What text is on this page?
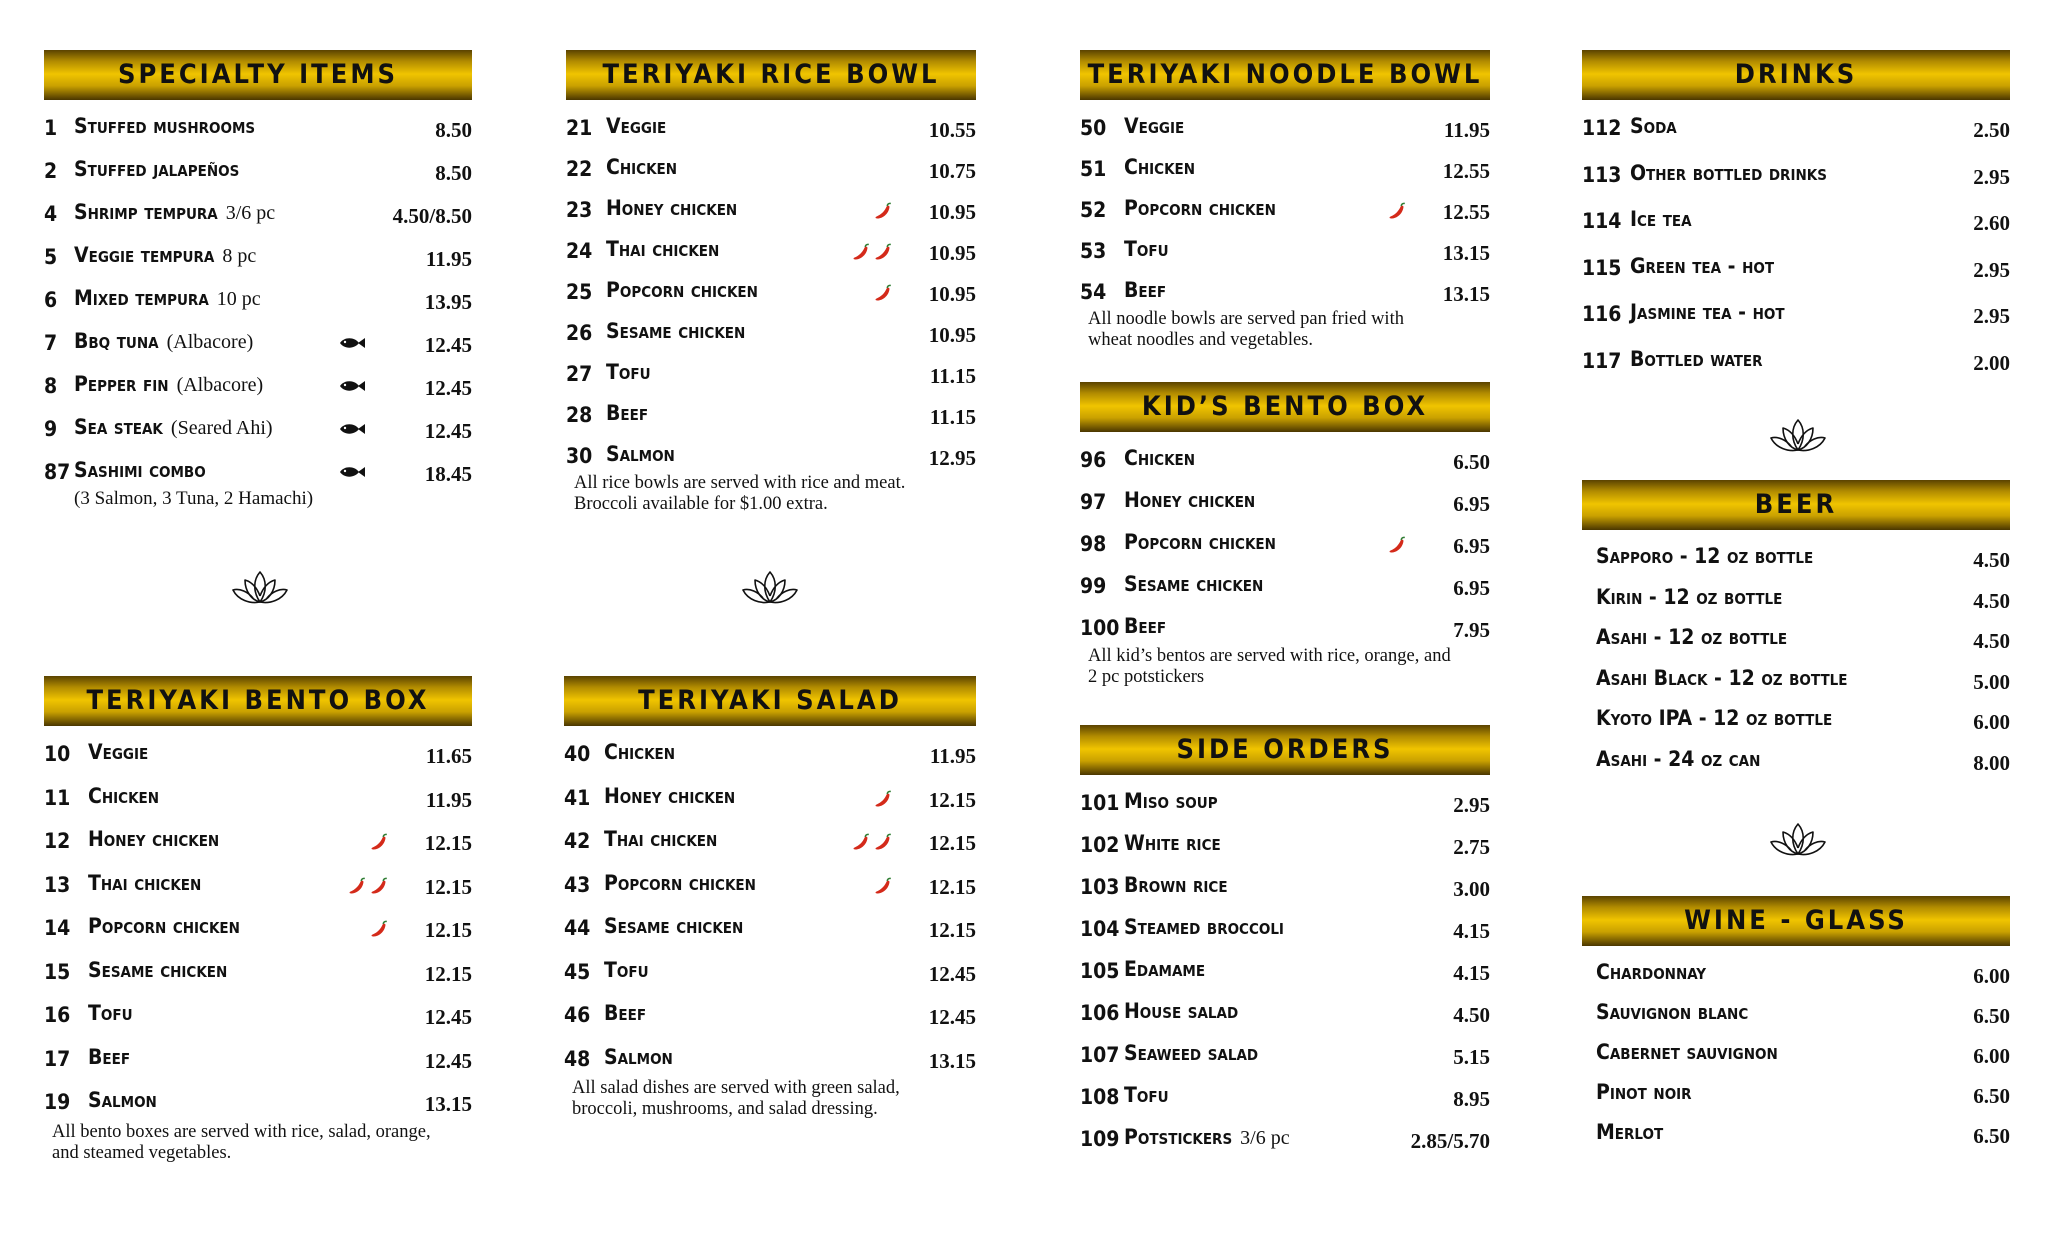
SPECIALTY ITEMS
1 Stuffed mushrooms	8.50
2 Stuffed jalapeños	8.50
4 Shrimp tempura 3/6 pc	4.50/8.50
5 Veggie tempura 8 pc	11.95
6 Mixed tempura 10 pc	13.95
7 Bbq tuna (Albacore)	12.45
8 Pepper fin (Albacore)	12.45
9 Sea steak (Seared Ahi)	12.45
87 Sashimi combo	18.45
(3 Salmon, 3 Tuna, 2 Hamachi)
TERIYAKI RICE BOWL
21 Veggie	10.55
22 Chicken	10.75
23 Honey chicken	10.95
24 Thai chicken	10.95
25 Popcorn chicken	10.95
26 Sesame chicken	10.95
27 Tofu	11.15
28 Beef	11.15
30 Salmon	12.95
All rice bowls are served with rice and meat.
Broccoli available for $1.00 extra.
TERIYAKI NOODLE BOWL
50 Veggie	11.95
51 Chicken	12.55
52 Popcorn chicken	12.55
53 Tofu	13.15
54 Beef	13.15
All noodle bowls are served pan fried with
wheat noodles and vegetables.
KID’S BENTO BOX
96 Chicken	6.50
97 Honey chicken	6.95
98 Popcorn chicken	6.95
99 Sesame chicken	6.95
100 Beef	7.95
All kid’s bentos are served with rice, orange, and
2 pc potstickers
SIDE ORDERS
101 Miso soup	2.95
102 White rice	2.75
103 Brown rice	3.00
104 Steamed broccoli	4.15
105 Edamame	4.15
106 House salad	4.50
107 Seaweed salad	5.15
108 Tofu	8.95
109 Potstickers 3/6 pc	2.85/5.70
TERIYAKI BENTO BOX
10 Veggie	11.65
11 Chicken	11.95
12 Honey chicken	12.15
13 Thai chicken	12.15
14 Popcorn chicken	12.15
15 Sesame chicken	12.15
16 Tofu	12.45
17 Beef	12.45
19 Salmon	13.15
All bento boxes are served with rice, salad, orange,
and steamed vegetables.
TERIYAKI SALAD
40 Chicken	11.95
41 Honey chicken	12.15
42 Thai chicken	12.15
43 Popcorn chicken	12.15
44 Sesame chicken	12.15
45 Tofu	12.45
46 Beef	12.45
48 Salmon	13.15
All salad dishes are served with green salad,
broccoli, mushrooms, and salad dressing.
DRINKS
112 Soda	2.50
113 Other bottled drinks	2.95
114 Ice tea	2.60
115 Green tea - hot	2.95
116 Jasmine tea - hot	2.95
117 Bottled water	2.00
BEER
Sapporo - 12 oz bottle	4.50
Kirin - 12 oz bottle	4.50
Asahi - 12 oz bottle	4.50
Asahi Black - 12 oz bottle	5.00
Kyoto IPA - 12 oz bottle	6.00
Asahi - 24 oz can	8.00
WINE - GLASS
Chardonnay	6.00
Sauvignon blanc	6.50
Cabernet sauvignon	6.00
Pinot noir	6.50
Merlot	6.50
